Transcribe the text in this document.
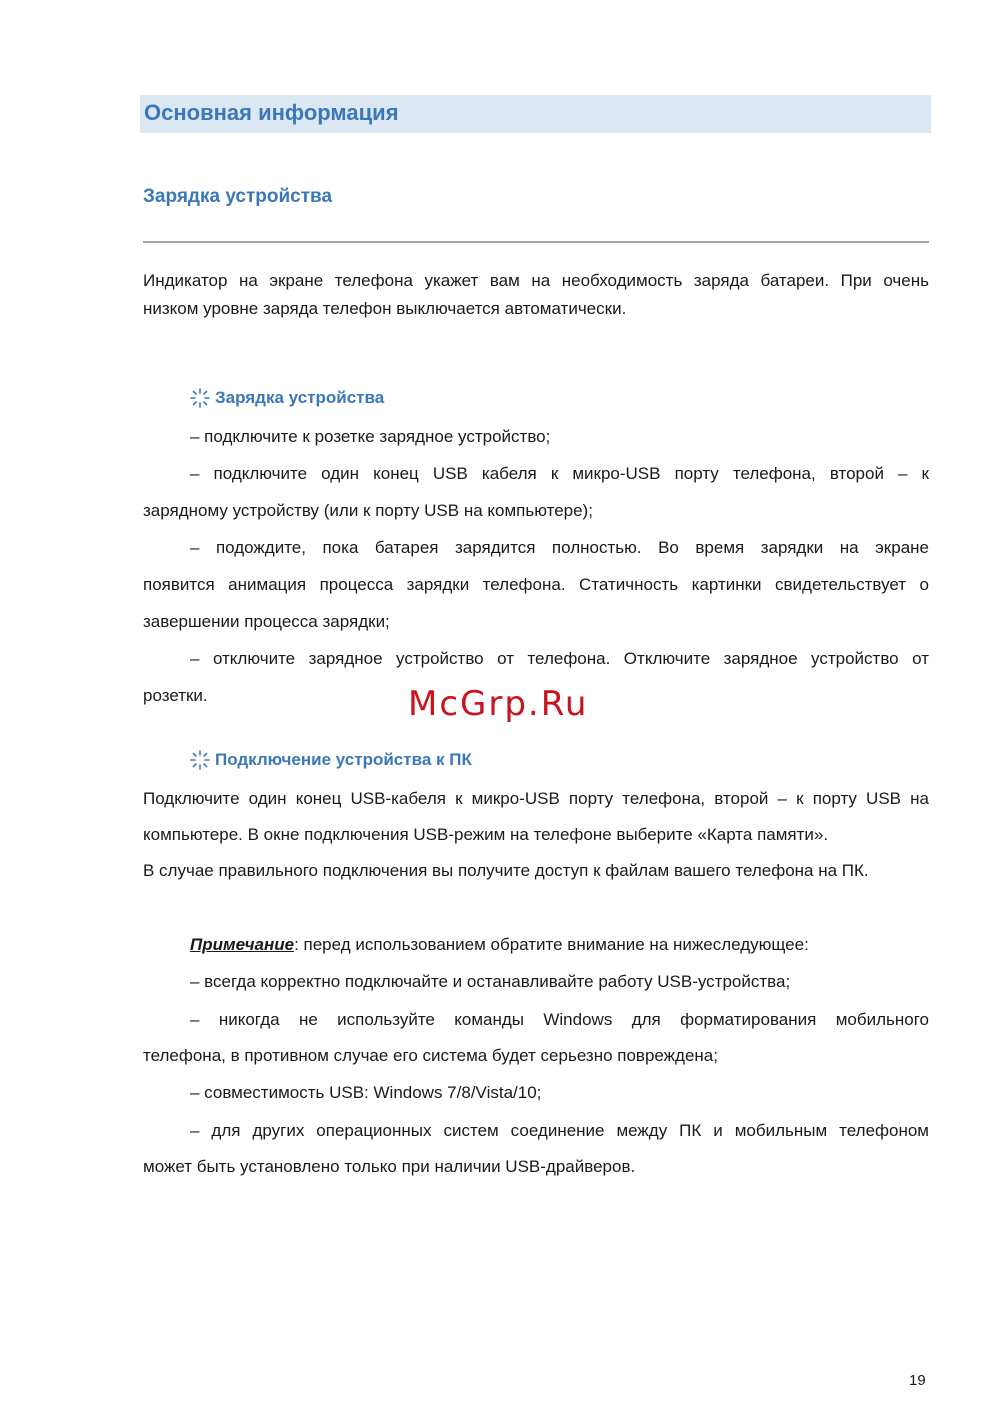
Основная информация
Зарядка устройства
Индикатор на экране телефона укажет вам на необходимость заряда батареи. При очень
низком уровне заряда телефон выключается автоматически.
Зарядка устройства
– подключите к розетке зарядное устройство;
– подключите один конец USB кабеля к микро-USB порту телефона, второй – к
зарядному устройству (или к порту USB на компьютере);
– подождите, пока батарея зарядится полностью. Во время зарядки на экране
появится анимация процесса зарядки телефона. Статичность картинки свидетельствует о
завершении процесса зарядки;
– отключите зарядное устройство от телефона. Отключите зарядное устройство от
розетки.	McGrp.Ru
Подключение устройства к ПК
Подключите один конец USB-кабеля к микро-USB порту телефона, второй – к порту USB на
компьютере. В окне подключения USB-режим на телефоне выберите «Карта памяти».
В случае правильного подключения вы получите доступ к файлам вашего телефона на ПК.
Примечание: перед использованием обратите внимание на нижеследующее:
– всегда корректно подключайте и останавливайте работу USB-устройства;
– никогда не используйте команды Windows для форматирования мобильного
телефона, в противном случае его система будет серьезно повреждена;
– совместимость USB: Windows 7/8/Vista/10;
– для других операционных систем соединение между ПК и мобильным телефоном
может быть установлено только при наличии USB-драйверов.
19
